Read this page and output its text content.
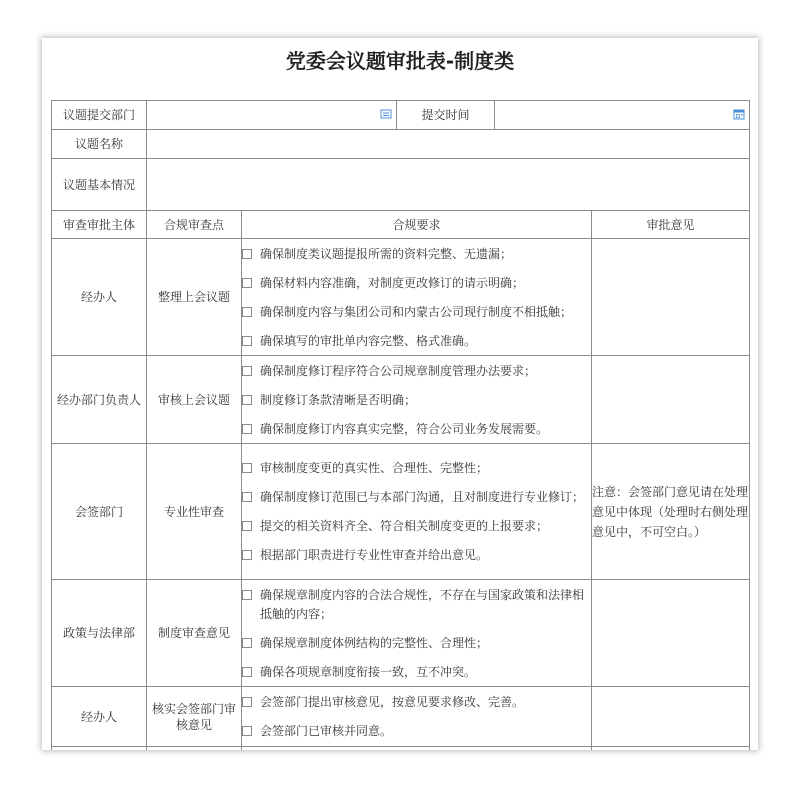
党委会议题审批表-制度类
议题提交部门			提交时间	

议题名称					
议题基本情况					
审查审批主体	合规审查点	合规要求			审批意见
经办人	整理上会议题	确保制度类议题提报所需的资料完整、无遗漏；
确保材料内容准确，对制度更改修订的请示明确；
确保制度内容与集团公司和内蒙古公司现行制度不相抵触；
确保填写的审批单内容完整、格式准确。			

经办部门负责人	审核上会议题	确保制度修订程序符合公司规章制度管理办法要求；
制度修订条款清晰是否明确；
确保制度修订内容真实完整，符合公司业务发展需要。			

会签部门	专业性审查	审核制度变更的真实性、合理性、完整性；
确保制度修订范围已与本部门沟通，且对制度进行专业修订；
提交的相关资料齐全、符合相关制度变更的上报要求；
根据部门职责进行专业性审查并给出意见。			注意：会签部门意见请在处理意见中体现（处理时右侧处理意见中，不可空白。）
政策与法律部	制度审查意见	确保规章制度内容的合法合规性，不存在与国家政策和法律相抵触的内容；
确保规章制度体例结构的完整性、合理性；
确保各项规章制度衔接一致，互不冲突。			

经办人	核实会签部门审核意见	会签部门提出审核意见，按意见要求修改、完善。
会签部门已审核并同意。			
